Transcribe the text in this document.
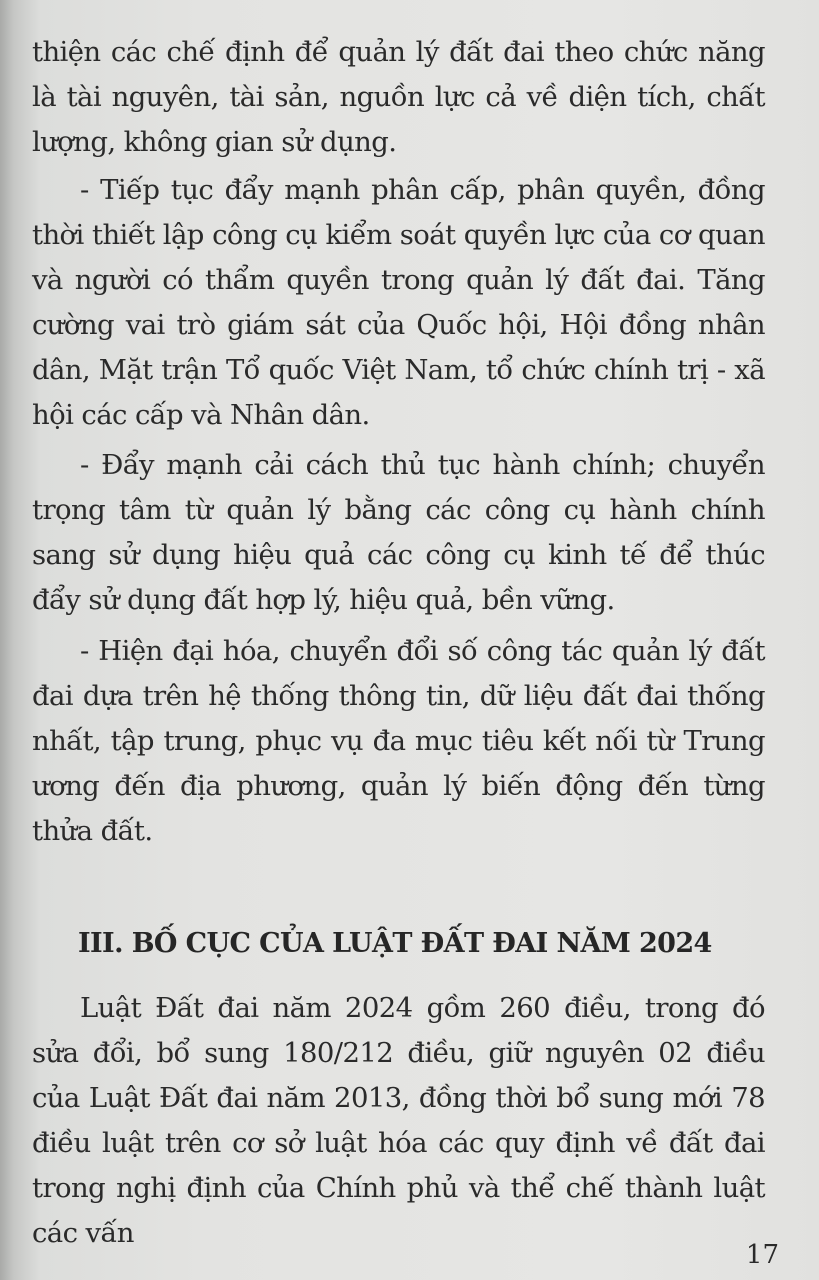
thiện các chế định để quản lý đất đai theo chức năng là tài nguyên, tài sản, nguồn lực cả về diện tích, chất lượng, không gian sử dụng.

- Tiếp tục đẩy mạnh phân cấp, phân quyền, đồng thời thiết lập công cụ kiểm soát quyền lực của cơ quan và người có thẩm quyền trong quản lý đất đai. Tăng cường vai trò giám sát của Quốc hội, Hội đồng nhân dân, Mặt trận Tổ quốc Việt Nam, tổ chức chính trị - xã hội các cấp và Nhân dân.

- Đẩy mạnh cải cách thủ tục hành chính; chuyển trọng tâm từ quản lý bằng các công cụ hành chính sang sử dụng hiệu quả các công cụ kinh tế để thúc đẩy sử dụng đất hợp lý, hiệu quả, bền vững.

- Hiện đại hóa, chuyển đổi số công tác quản lý đất đai dựa trên hệ thống thông tin, dữ liệu đất đai thống nhất, tập trung, phục vụ đa mục tiêu kết nối từ Trung ương đến địa phương, quản lý biến động đến từng thửa đất.

III. BỐ CỤC CỦA LUẬT ĐẤT ĐAI NĂM 2024

Luật Đất đai năm 2024 gồm 260 điều, trong đó sửa đổi, bổ sung 180/212 điều, giữ nguyên 02 điều của Luật Đất đai năm 2013, đồng thời bổ sung mới 78 điều luật trên cơ sở luật hóa các quy định về đất đai trong nghị định của Chính phủ và thể chế thành luật các vấn

17
